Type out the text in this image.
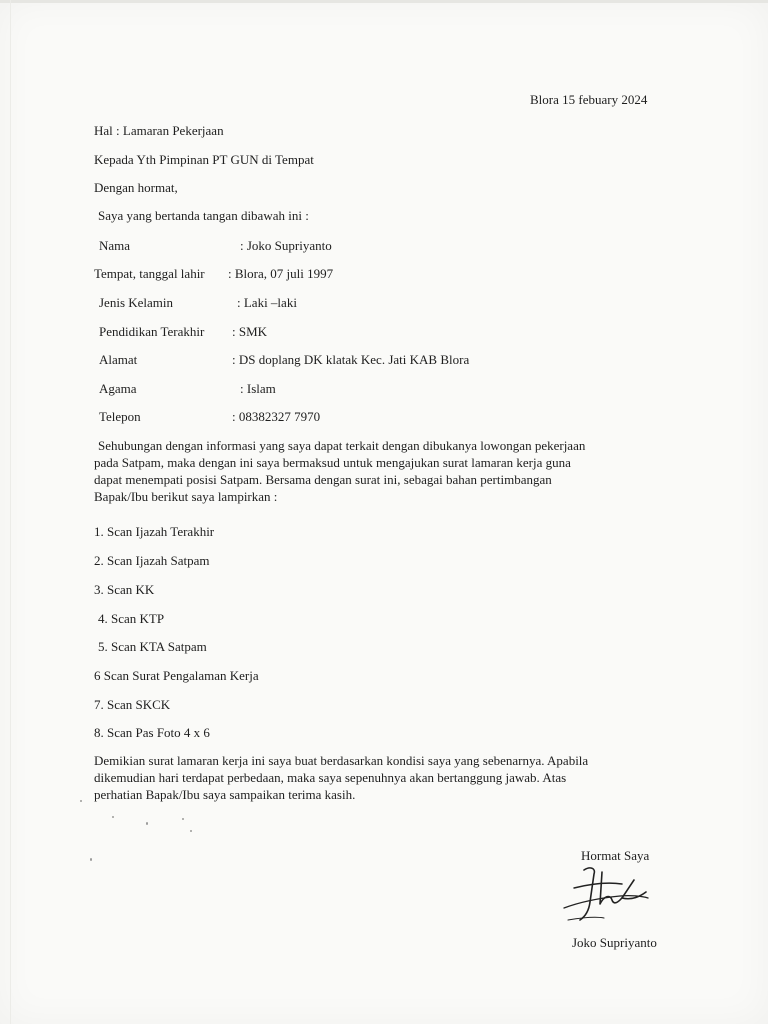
Blora 15 febuary 2024
Hal : Lamaran Pekerjaan
Kepada Yth Pimpinan PT GUN di Tempat
Dengan hormat,
Saya yang bertanda tangan dibawah ini :
Nama	: Joko Supriyanto
Tempat, tanggal lahir : Blora, 07 juli 1997
Jenis Kelamin	: Laki –laki
Pendidikan Terakhir : SMK
Alamat	: DS doplang DK klatak Kec. Jati KAB Blora
Agama	: Islam
Telepon	: 08382327 7970
Sehubungan dengan informasi yang saya dapat terkait dengan dibukanya lowongan pekerjaan
pada Satpam, maka dengan ini saya bermaksud untuk mengajukan surat lamaran kerja guna
dapat menempati posisi Satpam. Bersama dengan surat ini, sebagai bahan pertimbangan
Bapak/Ibu berikut saya lampirkan :
1. Scan Ijazah Terakhir
2. Scan Ijazah Satpam
3. Scan KK
4. Scan KTP
5. Scan KTA Satpam
6 Scan Surat Pengalaman Kerja
7. Scan SKCK
8. Scan Pas Foto 4 x 6
Demikian surat lamaran kerja ini saya buat berdasarkan kondisi saya yang sebenarnya. Apabila
dikemudian hari terdapat perbedaan, maka saya sepenuhnya akan bertanggung jawab. Atas
perhatian Bapak/Ibu saya sampaikan terima kasih.
Hormat Saya
Joko Supriyanto
